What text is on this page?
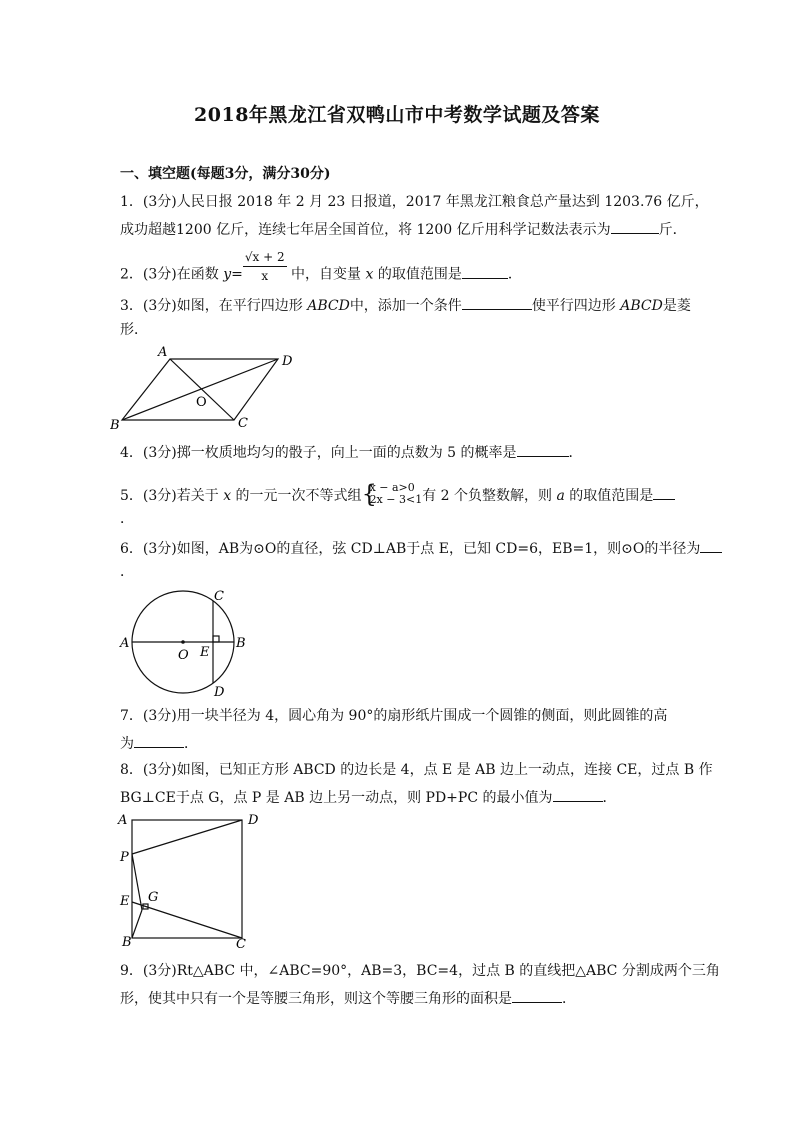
2018年黑龙江省双鸭山市中考数学试题及答案
一、填空题(每题3分，满分30分)
1．(3分)人民日报 2018 年 2 月 23 日报道，2017 年黑龙江粮食总产量达到 1203.76 亿斤，
成功超越1200 亿斤，连续七年居全国首位，将 1200 亿斤用科学记数法表示为	斤．
2．(3分)在函数 $y= \frac{√x + 2}{x}$ 中，自变量 x 的取值范围是	．
3．(3分)如图，在平行四边形 ABCD中，添加一个条件	使平行四边形 ABCD是菱
形．
A
D
B	C
O
4．(3分)掷一枚质地均匀的骰子，向上一面的点数为 5 的概率是	．
5．(3分)若关于 x 的一元一次不等式组 {
x − a>0
2x − 3<1 有 2 个负整数解，则 a 的取值范围是
．
6．(3分)如图，AB为⊙O的直径，弦 CD⊥AB于点 E，已知 CD=6，EB=1，则⊙O的半径为
．
A	B
C
D
O E
7．(3分)用一块半径为 4，圆心角为 90°的扇形纸片围成一个圆锥的侧面，则此圆锥的高
为	．
8．(3分)如图，已知正方形 ABCD 的边长是 4，点 E 是 AB 边上一动点，连接 CE，过点 B 作
BG⊥CE于点 G，点 P 是 AB 边上另一动点，则 PD+PC 的最小值为	．
A	D
P
E G
B	C
9．(3分)Rt△ABC 中，∠ABC=90°，AB=3，BC=4，过点 B 的直线把△ABC 分割成两个三角
形，使其中只有一个是等腰三角形，则这个等腰三角形的面积是	．
